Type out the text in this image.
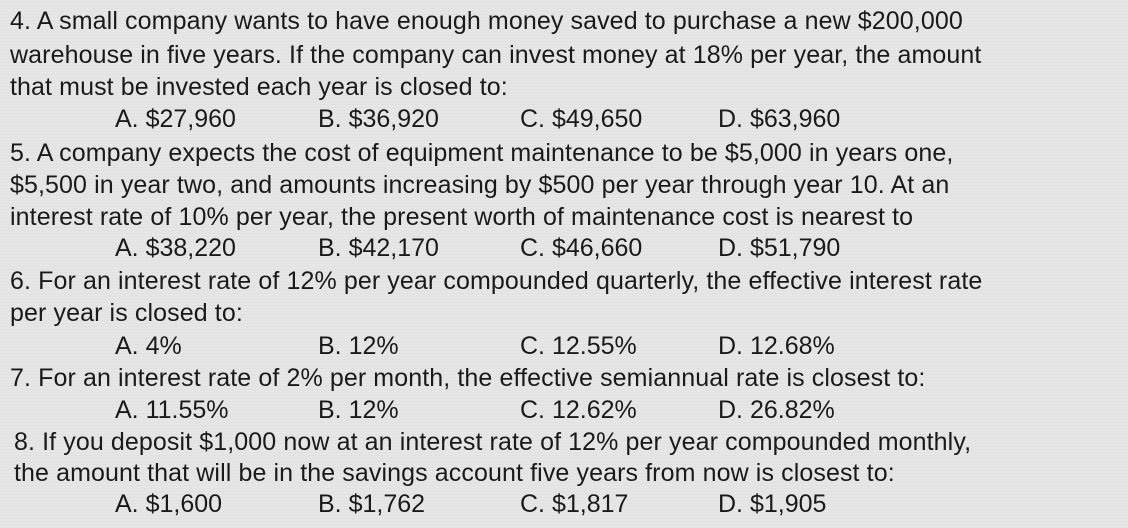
4. A small company wants to have enough money saved to purchase a new $200,000
warehouse in five years. If the company can invest money at 18% per year, the amount
that must be invested each year is closed to:
A. $27,960	B. $36,920	C. $49,650	D. $63,960
5. A company expects the cost of equipment maintenance to be $5,000 in years one,
$5,500 in year two, and amounts increasing by $500 per year through year 10. At an
interest rate of 10% per year, the present worth of maintenance cost is nearest to
A. $38,220	B. $42,170	C. $46,660	D. $51,790
6. For an interest rate of 12% per year compounded quarterly, the effective interest rate
per year is closed to:
A. 4%	B. 12%	C. 12.55%	D. 12.68%
7. For an interest rate of 2% per month, the effective semiannual rate is closest to:
A. 11.55%	B. 12%	C. 12.62%	D. 26.82%
8. If you deposit $1,000 now at an interest rate of 12% per year compounded monthly,
the amount that will be in the savings account five years from now is closest to:
A. $1,600	B. $1,762	C. $1,817	D. $1,905
